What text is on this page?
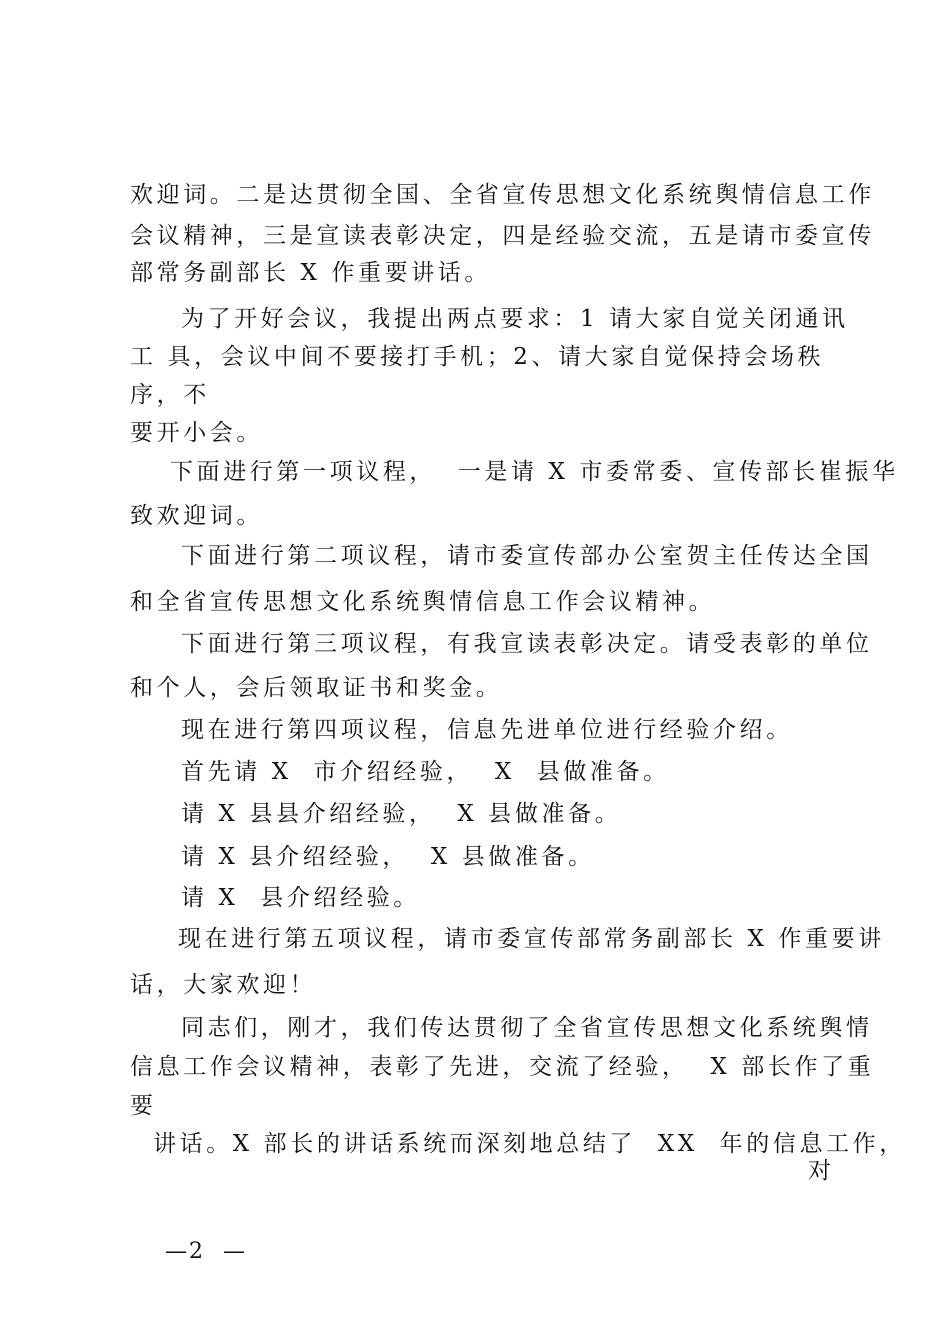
欢迎词。二是达贯彻全国、全省宣传思想文化系统舆情信息工作
会议精神，三是宣读表彰决定，四是经验交流，五是请市委宣传
部常务副部长 X 作重要讲话。
为了开好会议，我提出两点要求：1 请大家自觉关闭通讯
工 具，会议中间不要接打手机；2、请大家自觉保持会场秩
序，不
要开小会。
下面进行第一项议程，  一是请 X 市委常委、宣传部长崔振华
致欢迎词。
下面进行第二项议程，请市委宣传部办公室贺主任传达全国
和全省宣传思想文化系统舆情信息工作会议精神。
下面进行第三项议程，有我宣读表彰决定。请受表彰的单位
和个人，会后领取证书和奖金。
现在进行第四项议程，信息先进单位进行经验介绍。
首先请 X  市介绍经验，  X  县做准备。
请 X 县县介绍经验，  X 县做准备。
请 X 县介绍经验，  X 县做准备。
请 X  县介绍经验。
现在进行第五项议程，请市委宣传部常务副部长 X 作重要讲
话，大家欢迎！
同志们，刚才，我们传达贯彻了全省宣传思想文化系统舆情
信息工作会议精神，表彰了先进，交流了经验，  X 部长作了重
要
讲话。X 部长的讲话系统而深刻地总结了  XX  年的信息工作，
对
—2  —
